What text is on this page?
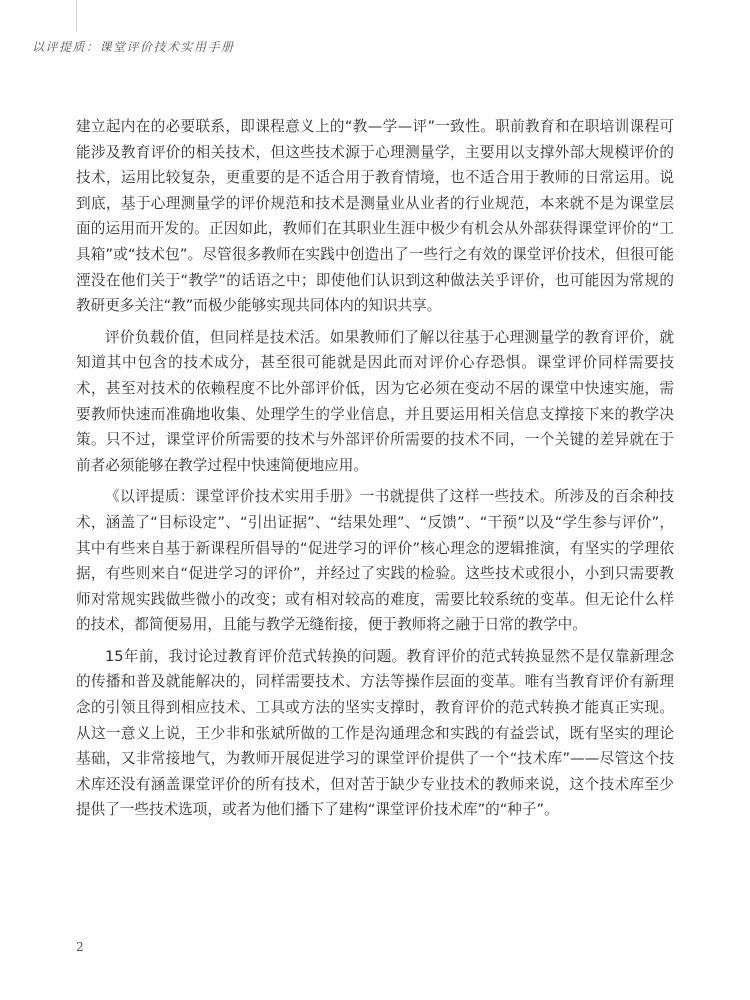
以评提质：课堂评价技术实用手册

建立起内在的必要联系，即课程意义上的“教—学—评”一致性。职前教育和在职培训课程可能涉及教育评价的相关技术，但这些技术源于心理测量学，主要用以支撑外部大规模评价的技术，运用比较复杂，更重要的是不适合用于教育情境，也不适合用于教师的日常运用。说到底，基于心理测量学的评价规范和技术是测量业从业者的行业规范，本来就不是为课堂层面的运用而开发的。正因如此，教师们在其职业生涯中极少有机会从外部获得课堂评价的“工具箱”或“技术包”。尽管很多教师在实践中创造出了一些行之有效的课堂评价技术，但很可能湮没在他们关于“教学”的话语之中；即使他们认识到这种做法关乎评价，也可能因为常规的教研更多关注“教”而极少能够实现共同体内的知识共享。

评价负载价值，但同样是技术活。如果教师们了解以往基于心理测量学的教育评价，就知道其中包含的技术成分，甚至很可能就是因此而对评价心存恐惧。课堂评价同样需要技术，甚至对技术的依赖程度不比外部评价低，因为它必须在变动不居的课堂中快速实施，需要教师快速而准确地收集、处理学生的学业信息，并且要运用相关信息支撑接下来的教学决策。只不过，课堂评价所需要的技术与外部评价所需要的技术不同，一个关键的差异就在于前者必须能够在教学过程中快速简便地应用。

《以评提质：课堂评价技术实用手册》一书就提供了这样一些技术。所涉及的百余种技术，涵盖了“目标设定”、“引出证据”、“结果处理”、“反馈”、“干预”以及“学生参与评价”，其中有些来自基于新课程所倡导的“促进学习的评价”核心理念的逻辑推演，有坚实的学理依据，有些则来自“促进学习的评价”，并经过了实践的检验。这些技术或很小，小到只需要教师对常规实践做些微小的改变；或有相对较高的难度，需要比较系统的变革。但无论什么样的技术，都简便易用，且能与教学无缝衔接，便于教师将之融于日常的教学中。

15年前，我讨论过教育评价范式转换的问题。教育评价的范式转换显然不是仅靠新理念的传播和普及就能解决的，同样需要技术、方法等操作层面的变革。唯有当教育评价有新理念的引领且得到相应技术、工具或方法的坚实支撑时，教育评价的范式转换才能真正实现。从这一意义上说，王少非和张斌所做的工作是沟通理念和实践的有益尝试，既有坚实的理论基础，又非常接地气，为教师开展促进学习的课堂评价提供了一个“技术库”——尽管这个技术库还没有涵盖课堂评价的所有技术，但对苦于缺少专业技术的教师来说，这个技术库至少提供了一些技术选项，或者为他们播下了建构“课堂评价技术库”的“种子”。

2
